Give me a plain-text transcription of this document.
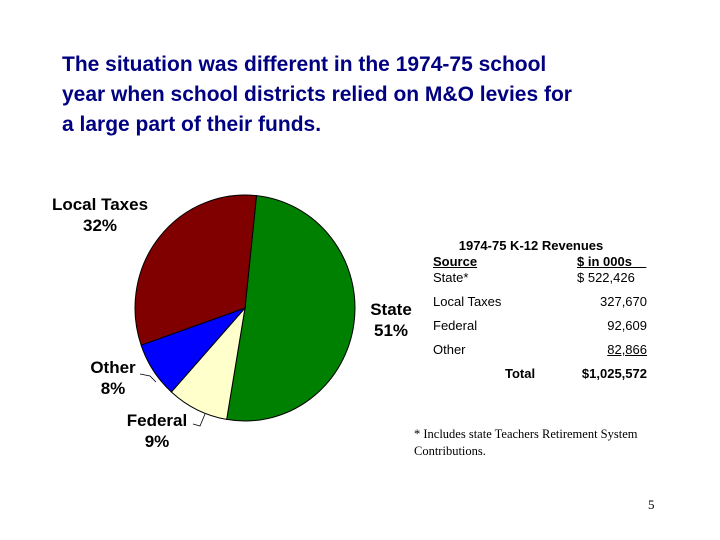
The situation was different in the 1974-75 school
year when school districts relied on M&O levies for
a large part of their funds.
State 51%
Federal 9%
Other 8%
Local Taxes 32%
1974-75 K-12 Revenues
Source	$ in 000s
State*	$ 522,426
Local Taxes	327,670
Federal	92,609
Other	82,866
Total	$1,025,572
* Includes state Teachers Retirement System
Contributions.
5
